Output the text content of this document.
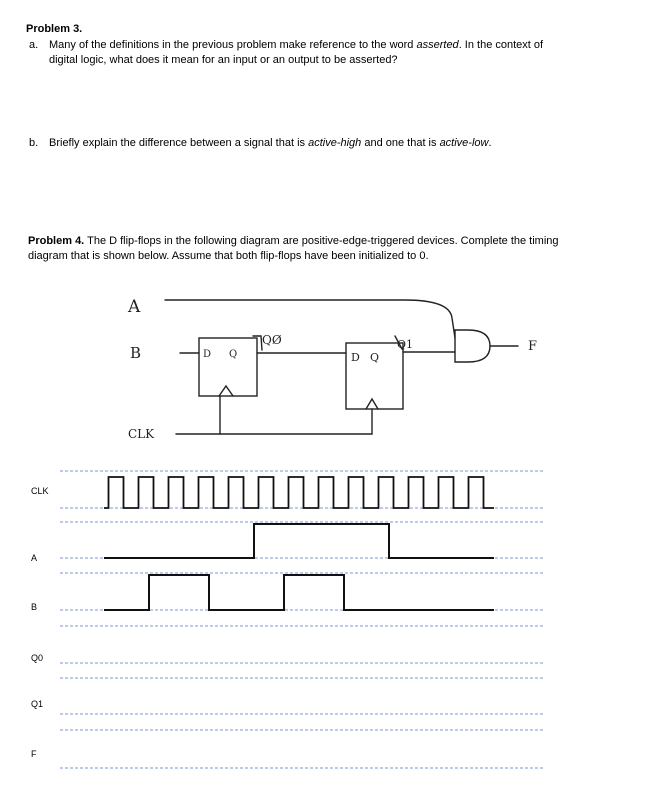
Problem 3.
a. Many of the definitions in the previous problem make reference to the word asserted. In the context of
digital logic, what does it mean for an input or an output to be asserted?
b. Briefly explain the difference between a signal that is active-high and one that is active-low.
Problem 4. The D flip-flops in the following diagram are positive-edge-triggered devices. Complete the timing
diagram that is shown below. Assume that both flip-flops have been initialized to 0.
A
B
CLK
QØ	Q1	F
D Q	D Q
CLK
A
B
Q0
Q1
F
